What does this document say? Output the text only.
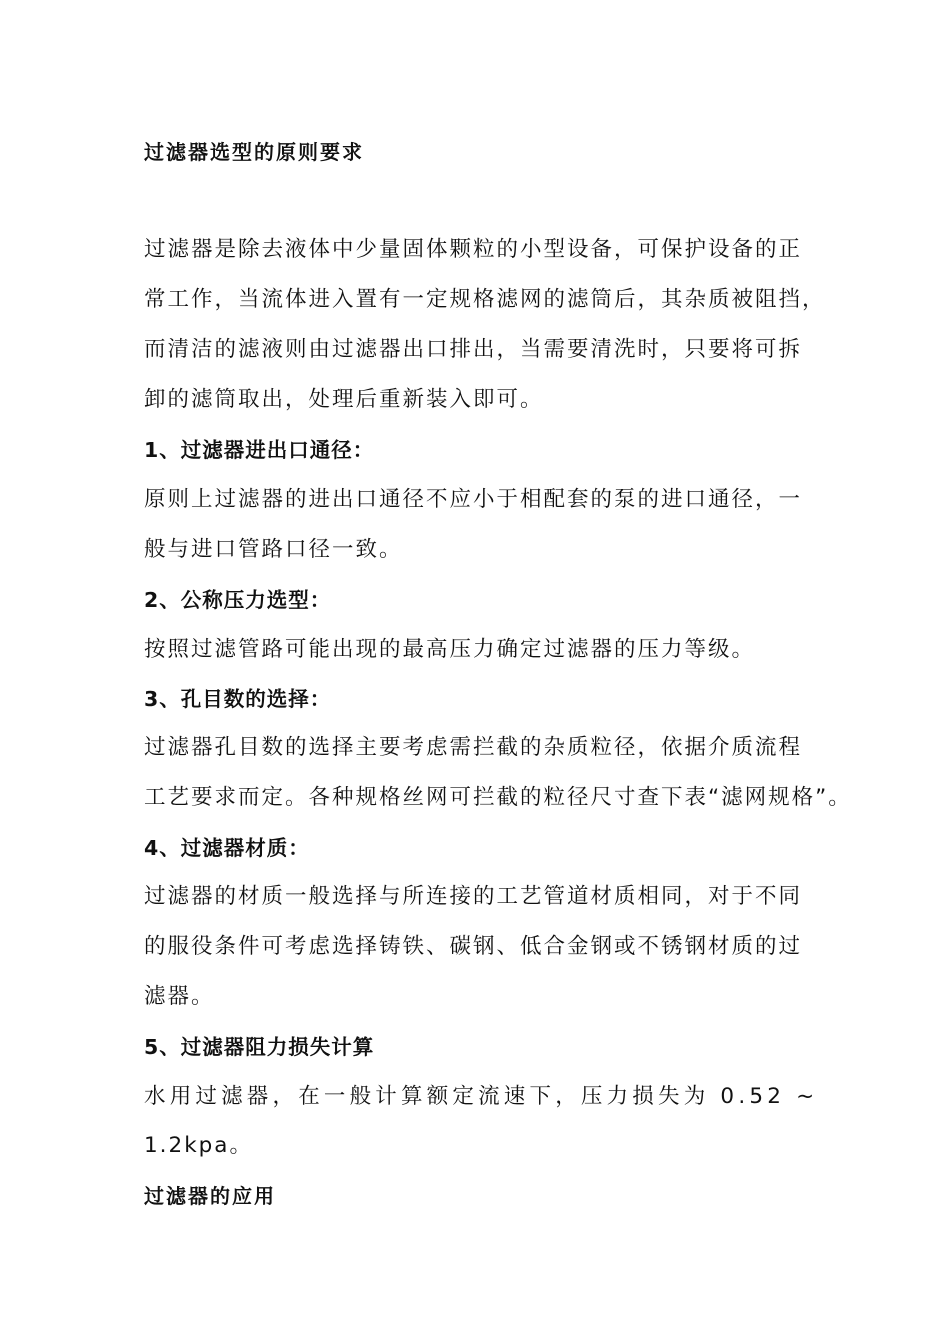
过滤器选型的原则要求
过滤器是除去液体中少量固体颗粒的小型设备，可保护设备的正
常工作，当流体进入置有一定规格滤网的滤筒后，其杂质被阻挡，
而清洁的滤液则由过滤器出口排出，当需要清洗时，只要将可拆
卸的滤筒取出，处理后重新装入即可。
1、过滤器进出口通径：
原则上过滤器的进出口通径不应小于相配套的泵的进口通径，一
般与进口管路口径一致。
2、公称压力选型：
按照过滤管路可能出现的最高压力确定过滤器的压力等级。
3、孔目数的选择：
过滤器孔目数的选择主要考虑需拦截的杂质粒径，依据介质流程
工艺要求而定。各种规格丝网可拦截的粒径尺寸查下表“滤网规格”。
4、过滤器材质：
过滤器的材质一般选择与所连接的工艺管道材质相同，对于不同
的服役条件可考虑选择铸铁、碳钢、低合金钢或不锈钢材质的过
滤器。
5、过滤器阻力损失计算
水用过滤器，在一般计算额定流速下，压力损失为 0.52 ~
1.2kpa。
过滤器的应用
